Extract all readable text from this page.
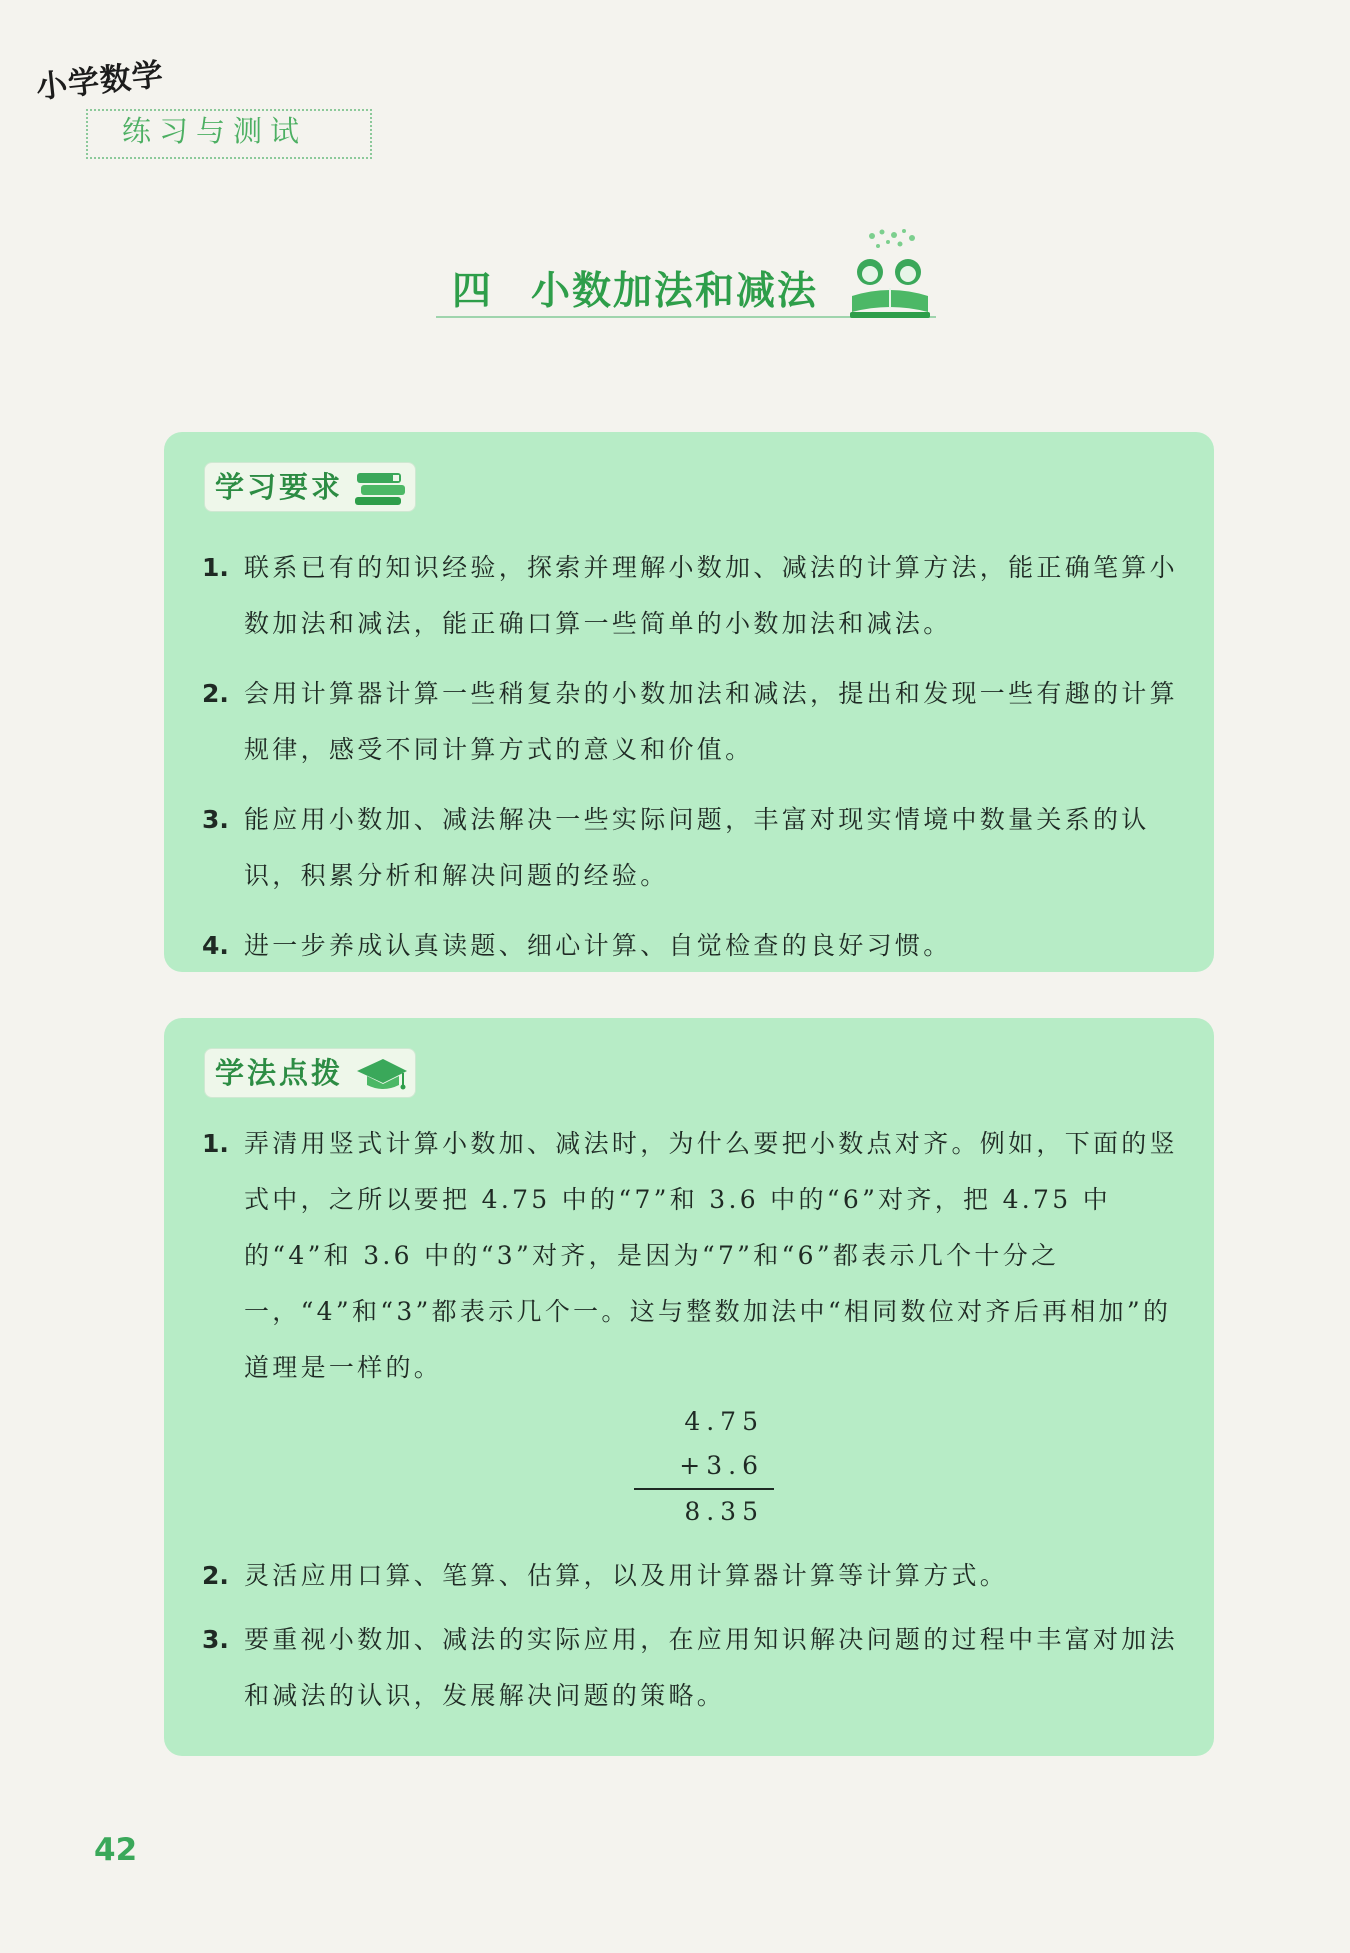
小学数学
练习与测试
四 小数加法和减法
学习要求
1. 联系已有的知识经验，探索并理解小数加、减法的计算方法，能正确笔算小数加法和减法，能正确口算一些简单的小数加法和减法。
2. 会用计算器计算一些稍复杂的小数加法和减法，提出和发现一些有趣的计算规律，感受不同计算方式的意义和价值。
3. 能应用小数加、减法解决一些实际问题，丰富对现实情境中数量关系的认识，积累分析和解决问题的经验。
4. 进一步养成认真读题、细心计算、自觉检查的良好习惯。
学法点拨
1. 弄清用竖式计算小数加、减法时，为什么要把小数点对齐。例如，下面的竖式中，之所以要把 4.75 中的“7”和 3.6 中的“6”对齐，把 4.75 中的“4”和 3.6 中的“3”对齐，是因为“7”和“6”都表示几个十分之一，“4”和“3”都表示几个一。这与整数加法中“相同数位对齐后再相加”的道理是一样的。
4.75
+3.6
8.35
2. 灵活应用口算、笔算、估算，以及用计算器计算等计算方式。
3. 要重视小数加、减法的实际应用，在应用知识解决问题的过程中丰富对加法和减法的认识，发展解决问题的策略。
42
